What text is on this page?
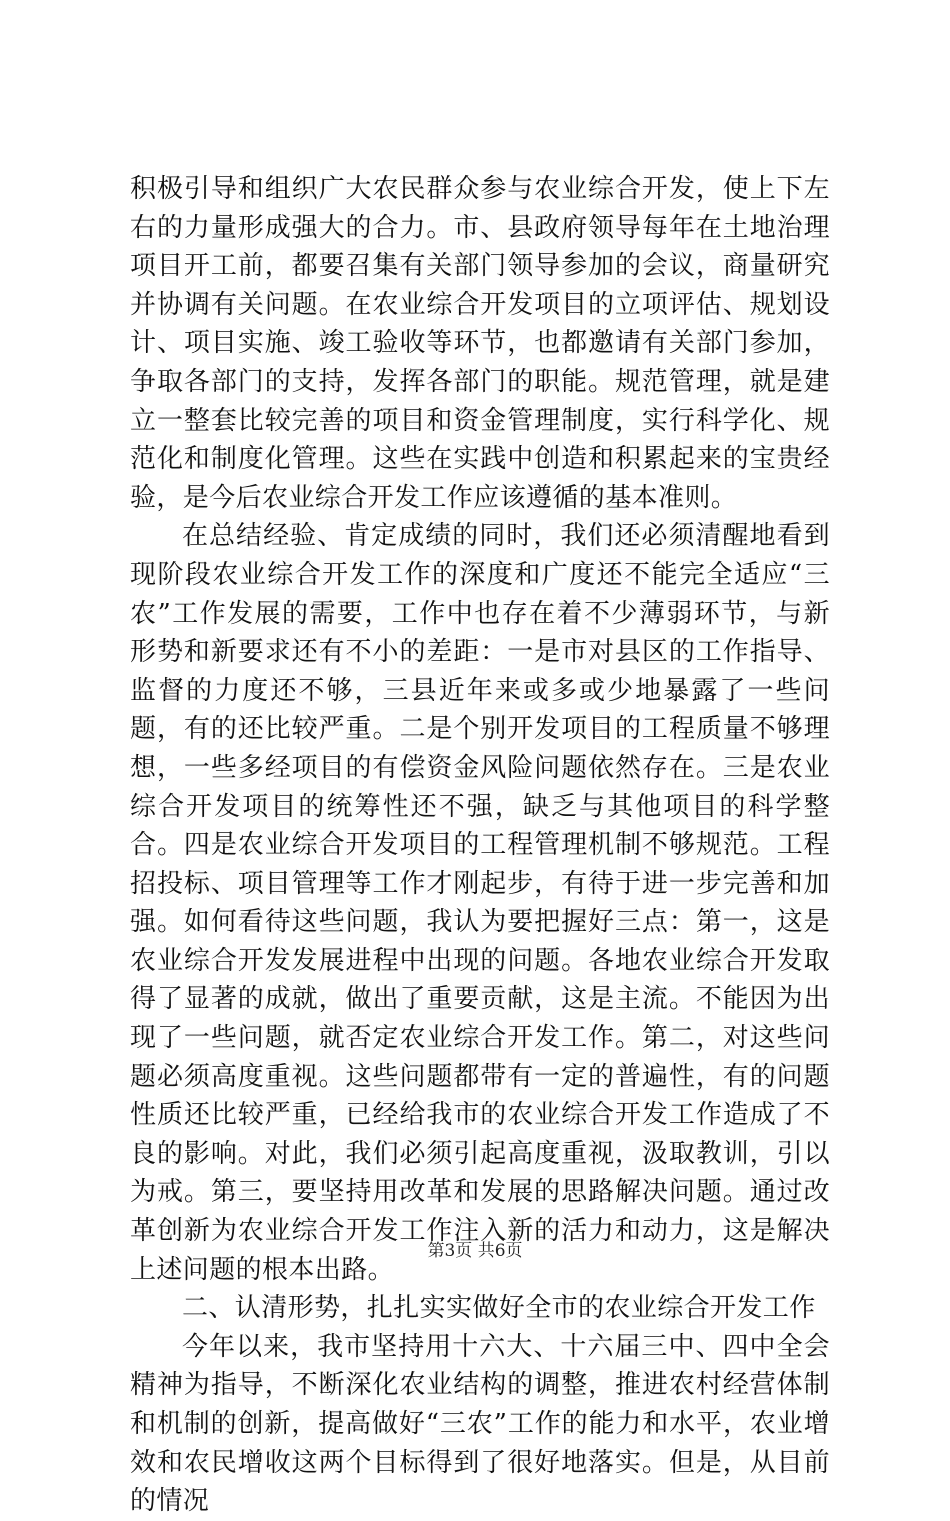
积极引导和组织广大农民群众参与农业综合开发，使上下左右的力量形成强大的合力。市、县政府领导每年在土地治理项目开工前，都要召集有关部门领导参加的会议，商量研究并协调有关问题。在农业综合开发项目的立项评估、规划设计、项目实施、竣工验收等环节，也都邀请有关部门参加，争取各部门的支持，发挥各部门的职能。规范管理，就是建立一整套比较完善的项目和资金管理制度，实行科学化、规范化和制度化管理。这些在实践中创造和积累起来的宝贵经验，是今后农业综合开发工作应该遵循的基本准则。

在总结经验、肯定成绩的同时，我们还必须清醒地看到现阶段农业综合开发工作的深度和广度还不能完全适应“三农”工作发展的需要，工作中也存在着不少薄弱环节，与新形势和新要求还有不小的差距：一是市对县区的工作指导、监督的力度还不够，三县近年来或多或少地暴露了一些问题，有的还比较严重。二是个别开发项目的工程质量不够理想，一些多经项目的有偿资金风险问题依然存在。三是农业综合开发项目的统筹性还不强，缺乏与其他项目的科学整合。四是农业综合开发项目的工程管理机制不够规范。工程招投标、项目管理等工作才刚起步，有待于进一步完善和加强。如何看待这些问题，我认为要把握好三点：第一，这是农业综合开发发展进程中出现的问题。各地农业综合开发取得了显著的成就，做出了重要贡献，这是主流。不能因为出现了一些问题，就否定农业综合开发工作。第二，对这些问题必须高度重视。这些问题都带有一定的普遍性，有的问题性质还比较严重，已经给我市的农业综合开发工作造成了不良的影响。对此，我们必须引起高度重视，汲取教训，引以为戒。第三，要坚持用改革和发展的思路解决问题。通过改革创新为农业综合开发工作注入新的活力和动力，这是解决上述问题的根本出路。

二、认清形势，扎扎实实做好全市的农业综合开发工作

今年以来，我市坚持用十六大、十六届三中、四中全会精神为指导，不断深化农业结构的调整，推进农村经营体制和机制的创新，提高做好“三农”工作的能力和水平，农业增效和农民增收这两个目标得到了很好地落实。但是，从目前的情况

第3页 共6页
